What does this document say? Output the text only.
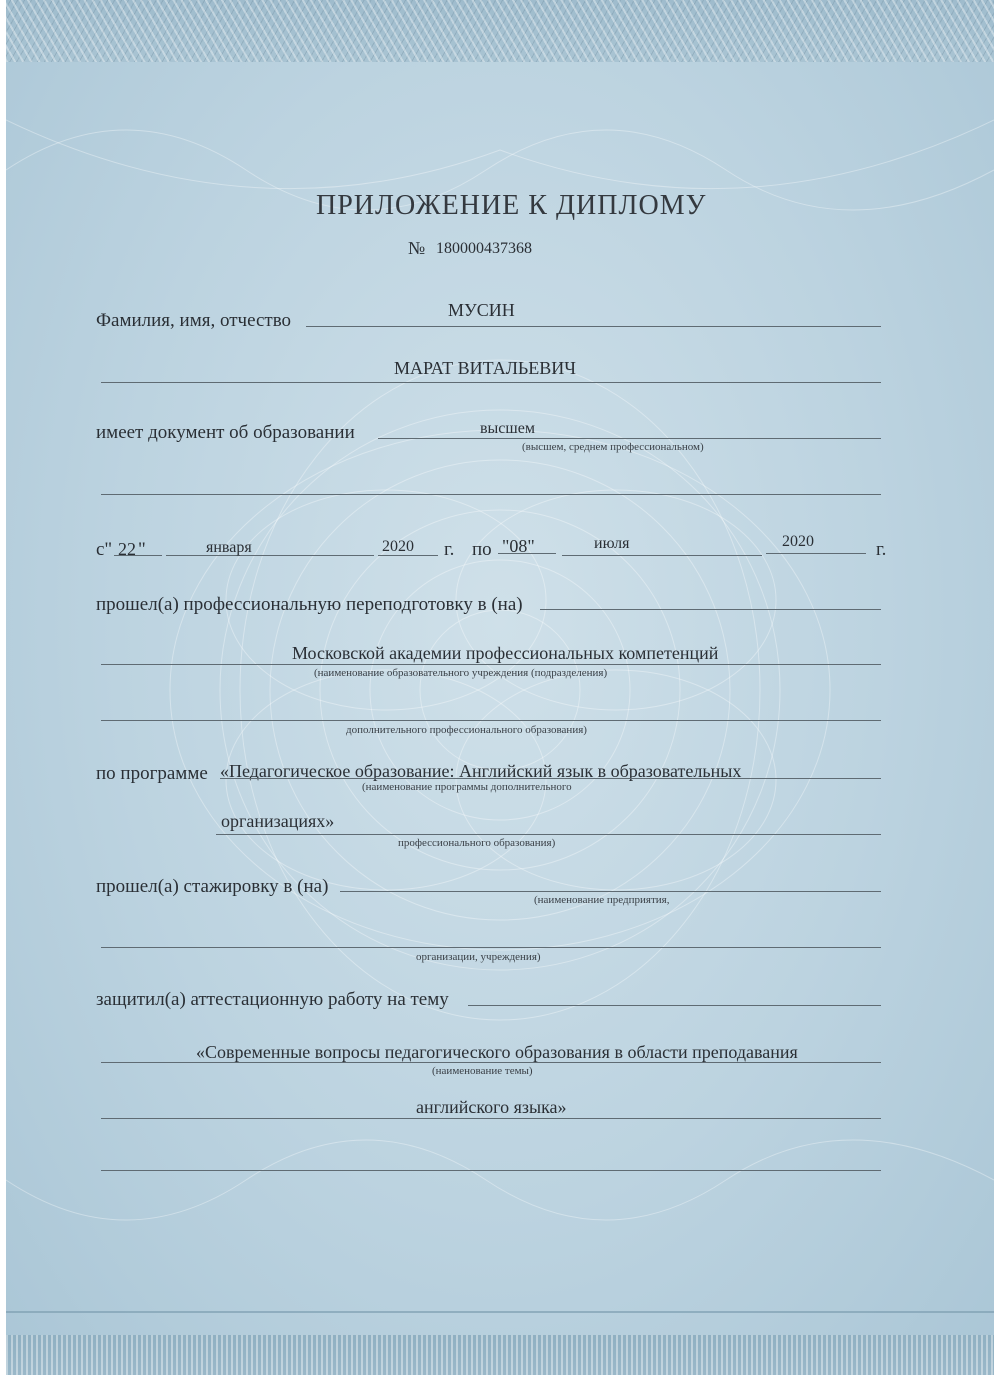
ПРИЛОЖЕНИЕ К ДИПЛОМУ
№ 180000437368
Фамилия, имя, отчество	МУСИН
МАРАТ ВИТАЛЬЕВИЧ
имеет документ об образовании	высшем
(высшем, среднем профессиональном)
с" 22 "	января	2020 г. по "08"	июля	2020	г.
прошел(а) профессиональную переподготовку в (на)
Московской академии профессиональных компетенций
(наименование образовательного учреждения (подразделения)
дополнительного профессионального образования)
по программе «Педагогическое образование: Английский язык в образовательных
(наименование программы дополнительного
организациях»
профессионального образования)
прошел(а) стажировку в (на)
(наименование предприятия,
организации, учреждения)
защитил(а) аттестационную работу на тему
«Современные вопросы педагогического образования в области преподавания
(наименование темы)
английского языка»
